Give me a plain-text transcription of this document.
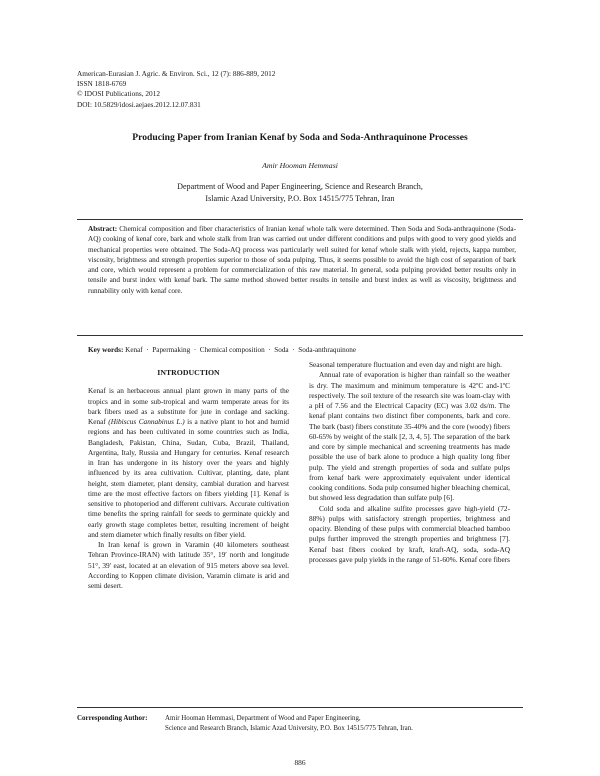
American-Eurasian J. Agric. & Environ. Sci., 12 (7): 886-889, 2012
ISSN 1818-6769
© IDOSI Publications, 2012
DOI: 10.5829/idosi.aejaes.2012.12.07.831
Producing Paper from Iranian Kenaf by Soda and Soda-Anthraquinone Processes
Amir Hooman Hemmasi
Department of Wood and Paper Engineering, Science and Research Branch,
Islamic Azad University, P.O. Box 14515/775 Tehran, Iran
Abstract: Chemical composition and fiber characteristics of Iranian kenaf whole talk were determined. Then Soda and Soda-anthraquinone (Soda-AQ) cooking of kenaf core, bark and whole stalk from Iran was carried out under different conditions and pulps with good to very good yields and mechanical properties were obtained. The Soda-AQ process was particularly well suited for kenaf whole stalk with yield, rejects, kappa number, viscosity, brightness and strength properties superior to those of soda pulping. Thus, it seems possible to avoid the high cost of separation of bark and core, which would represent a problem for commercialization of this raw material. In general, soda pulping provided better results only in tensile and burst index with kenaf bark. The same method showed better results in tensile and burst index as well as viscosity, brightness and runnability only with kenaf core.
Key words: Kenaf  ·  Papermaking  ·  Chemical composition  ·  Soda  ·  Soda-anthraquinone
INTRODUCTION

Kenaf is an herbaceous annual plant grown in many parts of the tropics and in some sub-tropical and warm temperate areas for its bark fibers used as a substitute for jute in cordage and sacking. Kenaf (Hibiscus Cannabinus L.) is a native plant to hot and humid regions and has been cultivated in some countries such as India, Bangladesh, Pakistan, China, Sudan, Cuba, Brazil, Thailand, Argentina, Italy, Russia and Hungary for centuries. Kenaf research in Iran has undergone in its history over the years and highly influenced by its area cultivation. Cultivar, planting, date, plant height, stem diameter, plant density, cambial duration and harvest time are the most effective factors on fibers yielding [1]. Kenaf is sensitive to photoperiod and different cultivars. Accurate cultivation time benefits the spring rainfall for seeds to germinate quickly and early growth stage completes better, resulting increment of height and stem diameter which finally results on fiber yield.

In Iran kenaf is grown in Varamin (40 kilometers southeast Tehran Province-IRAN) with latitude 35°, 19′ north and longitude 51°, 39′ east, located at an elevation of 915 meters above sea level. According to Koppen climate division, Varamin climate is arid and semi desert.

Seasonal temperature fluctuation and even day and night are high.

Annual rate of evaporation is higher than rainfall so the weather is dry. The maximum and minimum temperature is 42ºC and-1ºC respectively. The soil texture of the research site was loam-clay with a pH of 7.56 and the Electrical Capacity (EC) was 3.02 ds/m. The kenaf plant contains two distinct fiber components, bark and core. The bark (bast) fibers constitute 35-40% and the core (woody) fibers 60-65% by weight of the stalk [2, 3, 4, 5]. The separation of the bark and core by simple mechanical and screening treatments has made possible the use of bark alone to produce a high quality long fiber pulp. The yield and strength properties of soda and sulfate pulps from kenaf bark were approximately equivalent under identical cooking conditions. Soda pulp consumed higher bleaching chemical, but showed less degradation than sulfate pulp [6].

Cold soda and alkaline sulfite processes gave high-yield (72-88%) pulps with satisfactory strength properties, brightness and opacity. Blending of these pulps with commercial bleached bamboo pulps further improved the strength properties and brightness [7]. Kenaf bast fibers cooked by kraft, kraft-AQ, soda, soda-AQ processes gave pulp yields in the range of 51-60%. Kenaf core fibers

Corresponding Author:	Amir Hooman Hemmasi, Department of Wood and Paper Engineering,
Science and Research Branch, Islamic Azad University, P.O. Box 14515/775 Tehran, Iran.
886
